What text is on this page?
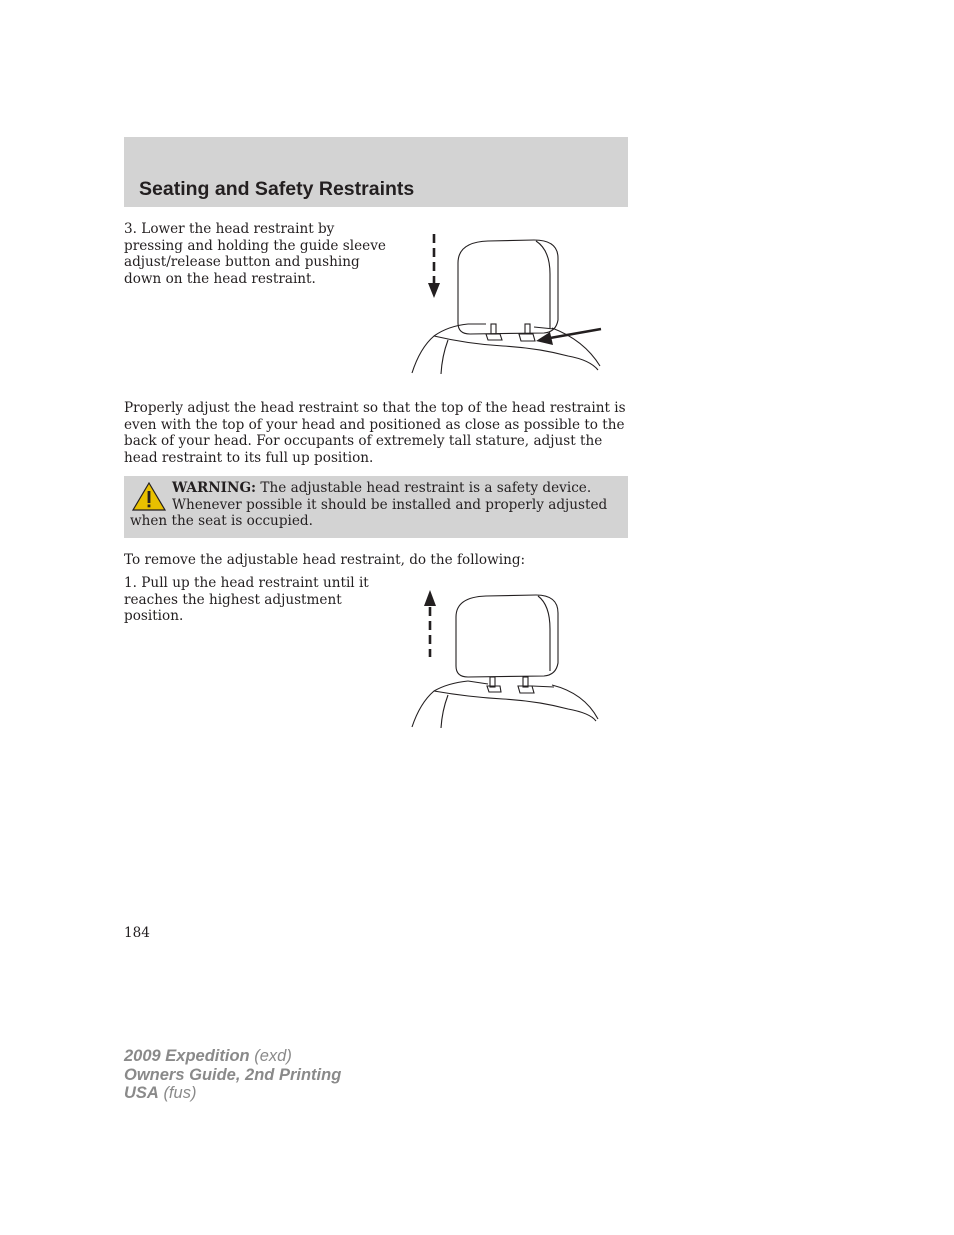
Seating and Safety Restraints

3. Lower the head restraint by pressing and holding the guide sleeve adjust/release button and pushing down on the head restraint.

Properly adjust the head restraint so that the top of the head restraint is even with the top of your head and positioned as close as possible to the back of your head. For occupants of extremely tall stature, adjust the head restraint to its full up position.

WARNING: The adjustable head restraint is a safety device. Whenever possible it should be installed and properly adjusted when the seat is occupied.

To remove the adjustable head restraint, do the following:

1. Pull up the head restraint until it reaches the highest adjustment position.

184

2009 Expedition (exd)
Owners Guide, 2nd Printing
USA (fus)
